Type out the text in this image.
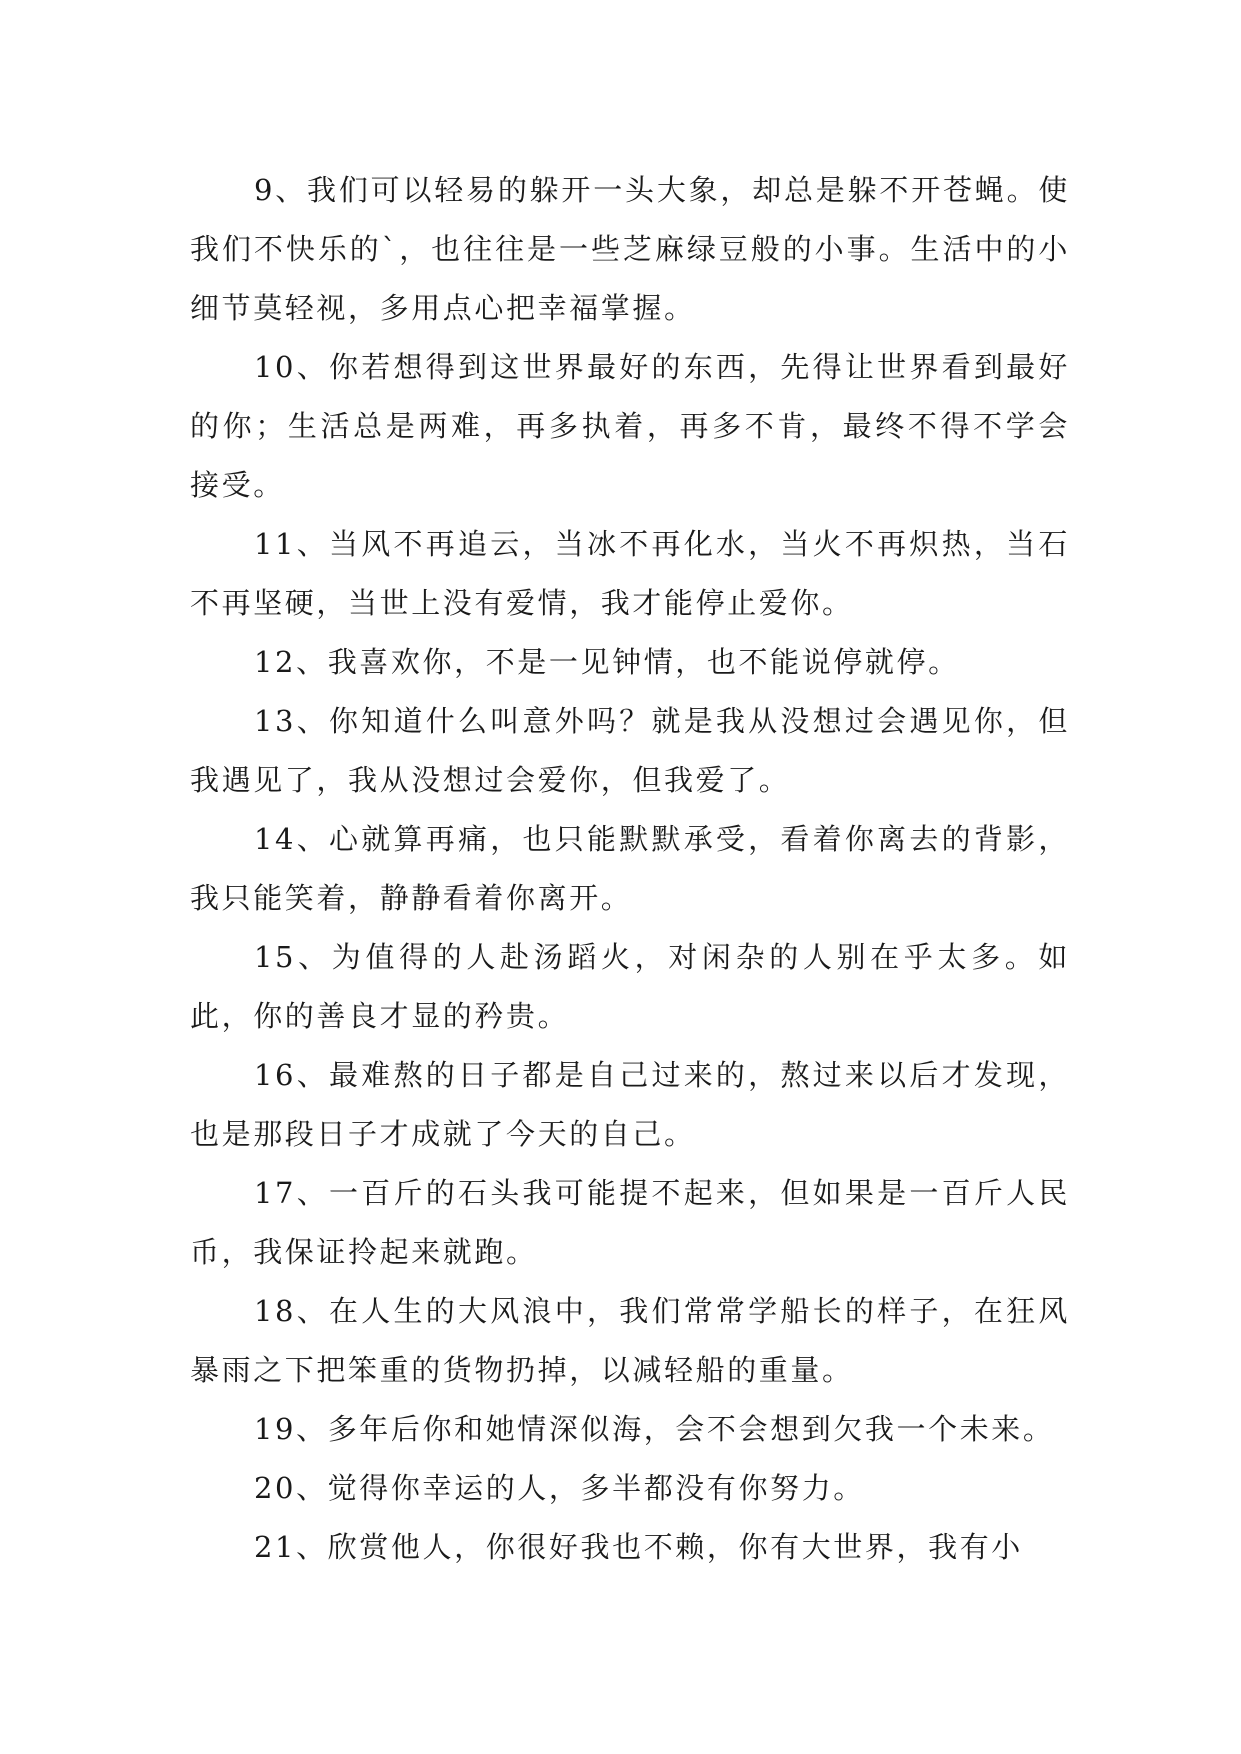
9、我们可以轻易的躲开一头大象，却总是躲不开苍蝇。使我们不快乐的`，也往往是一些芝麻绿豆般的小事。生活中的小细节莫轻视，多用点心把幸福掌握。

10、你若想得到这世界最好的东西，先得让世界看到最好的你；生活总是两难，再多执着，再多不肯，最终不得不学会接受。

11、当风不再追云，当冰不再化水，当火不再炽热，当石不再坚硬，当世上没有爱情，我才能停止爱你。

12、我喜欢你，不是一见钟情，也不能说停就停。

13、你知道什么叫意外吗？就是我从没想过会遇见你，但我遇见了，我从没想过会爱你，但我爱了。

14、心就算再痛，也只能默默承受，看着你离去的背影，我只能笑着，静静看着你离开。

15、为值得的人赴汤蹈火，对闲杂的人别在乎太多。如此，你的善良才显的矜贵。

16、最难熬的日子都是自己过来的，熬过来以后才发现，也是那段日子才成就了今天的自己。

17、一百斤的石头我可能提不起来，但如果是一百斤人民币，我保证拎起来就跑。

18、在人生的大风浪中，我们常常学船长的样子，在狂风暴雨之下把笨重的货物扔掉，以减轻船的重量。

19、多年后你和她情深似海，会不会想到欠我一个未来。

20、觉得你幸运的人，多半都没有你努力。

21、欣赏他人，你很好我也不赖，你有大世界，我有小
